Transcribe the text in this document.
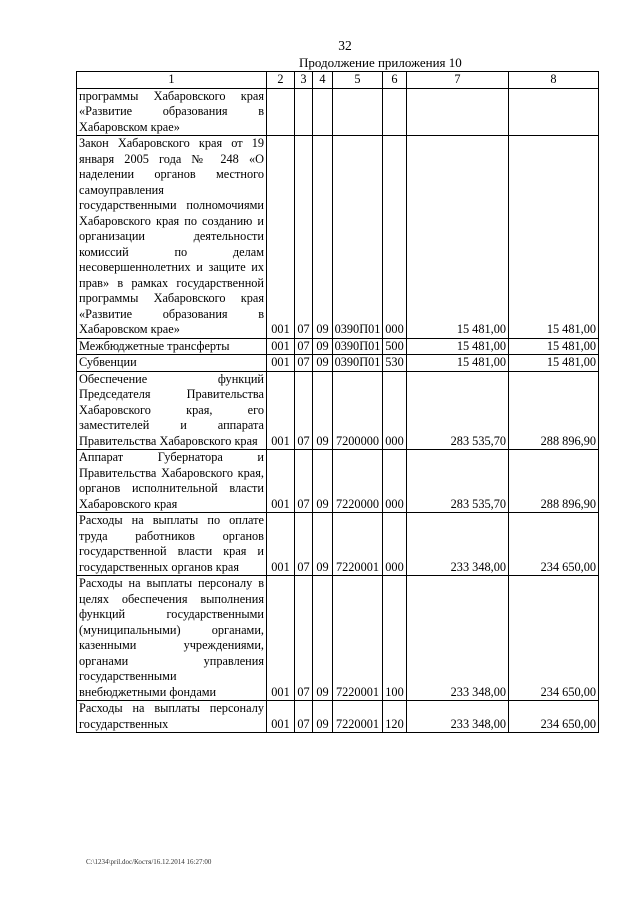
32
Продолжение приложения 10
1	2	3	4	5	6	7	8
программы Хабаровского края «Развитие образования в Хабаровском крае»							
Закон Хабаровского края от 19 января 2005 года № 248 «О наделении органов местного самоуправления государственными полномочиями Хабаровского края по созданию и организации деятельности комиссий по делам несовершеннолетних и защите их прав» в рамках государственной программы Хабаровского края «Развитие образования в Хабаровском крае»	001	07	09	0390П01	000	15 481,00	15 481,00
Межбюджетные трансферты	001	07	09	0390П01	500	15 481,00	15 481,00
Субвенции	001	07	09	0390П01	530	15 481,00	15 481,00
Обеспечение функций Председателя Правительства Хабаровского края, его заместителей и аппарата Правительства Хабаровского края	001	07	09	7200000	000	283 535,70	288 896,90
Аппарат Губернатора и Правительства Хабаровского края, органов исполнительной власти Хабаровского края	001	07	09	7220000	000	283 535,70	288 896,90
Расходы на выплаты по оплате труда работников органов государственной власти края и государственных органов края	001	07	09	7220001	000	233 348,00	234 650,00
Расходы на выплаты персоналу в целях обеспечения выполнения функций государственными (муниципальными) органами, казенными учреждениями, органами управления государственными внебюджетными фондами	001	07	09	7220001	100	233 348,00	234 650,00
Расходы на выплаты персоналу государственных	001	07	09	7220001	120	233 348,00	234 650,00
C:\1234\pril.doc/Костя/16.12.2014 16:27:00
